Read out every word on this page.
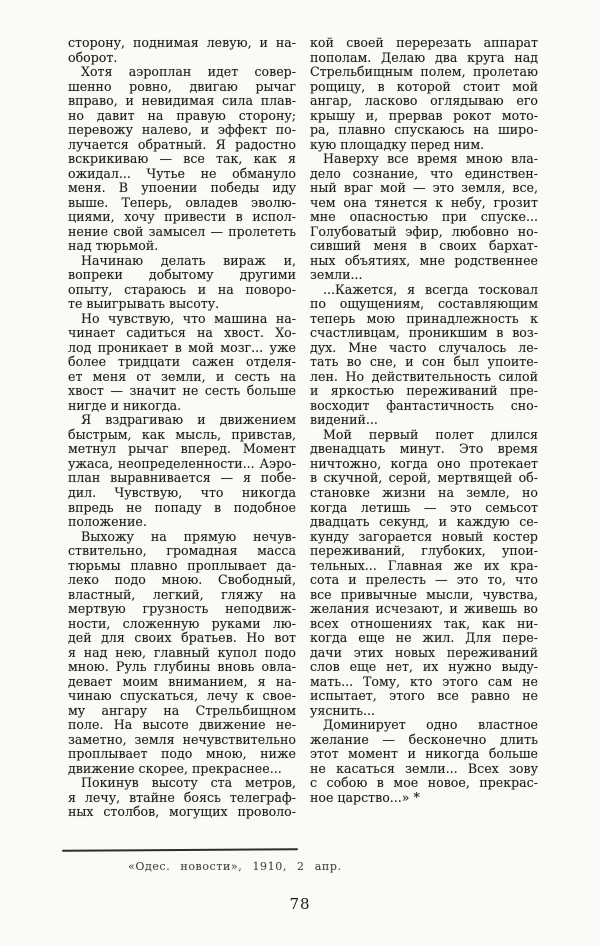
сторону, поднимая левую, и на-
оборот.
Хотя аэроплан идет совер-
шенно ровно, двигаю рычаг
вправо, и невидимая сила плав-
но давит на правую сторону;
перевожу налево, и эффект по-
лучается обратный. Я радостно
вскрикиваю — все так, как я
ожидал... Чутье не обмануло
меня. В упоении победы иду
выше. Теперь, овладев эволю-
циями, хочу привести в испол-
нение свой замысел — пролететь
над тюрьмой.
Начинаю делать вираж и,
вопреки добытому другими
опыту, стараюсь и на поворо-
те выигрывать высоту.
Но чувствую, что машина на-
чинает садиться на хвост. Хо-
лод проникает в мой мозг... уже
более тридцати сажен отделя-
ет меня от земли, и сесть на
хвост — значит не сесть больше
нигде и никогда.
Я вздрагиваю и движением
быстрым, как мысль, привстав,
метнул рычаг вперед. Момент
ужаса, неопределенности... Аэро-
план выравнивается — я побе-
дил. Чувствую, что никогда
впредь не попаду в подобное
положение.
Выхожу на прямую нечув-
ствительно, громадная масса
тюрьмы плавно проплывает да-
леко подо мною. Свободный,
властный, легкий, гляжу на
мертвую грузность неподвиж-
ности, сложенную руками лю-
дей для своих братьев. Но вот
я над нею, главный купол подо
мною. Руль глубины вновь овла-
девает моим вниманием, я на-
чинаю спускаться, лечу к свое-
му ангару на Стрельбищном
поле. На высоте движение не-
заметно, земля нечувствительно
проплывает подо мною, ниже
движение скорее, прекраснее...
Покинув высоту ста метров,
я лечу, втайне боясь телеграф-
ных столбов, могущих проволо-
кой своей перерезать аппарат
пополам. Делаю два круга над
Стрельбищным полем, пролетаю
рощицу, в которой стоит мой
ангар, ласково оглядываю его
крышу и, прервав рокот мото-
ра, плавно спускаюсь на широ-
кую площадку перед ним.
Наверху все время мною вла-
дело сознание, что единствен-
ный враг мой — это земля, все,
чем она тянется к небу, грозит
мне опасностью при спуске...
Голубоватый эфир, любовно но-
сивший меня в своих бархат-
ных объятиях, мне родственнее
земли...
...Кажется, я всегда тосковал
по ощущениям, составляющим
теперь мою принадлежность к
счастливцам, проникшим в воз-
дух. Мне часто случалось ле-
тать во сне, и сон был упоите-
лен. Но действительность силой
и яркостью переживаний пре-
восходит фантастичность сно-
видений...
Мой первый полет длился
двенадцать минут. Это время
ничтожно, когда оно протекает
в скучной, серой, мертвящей об-
становке жизни на земле, но
когда летишь — это семьсот
двадцать секунд, и каждую се-
кунду загорается новый костер
переживаний, глубоких, упои-
тельных... Главная же их кра-
сота и прелесть — это то, что
все привычные мысли, чувства,
желания исчезают, и живешь во
всех отношениях так, как ни-
когда еще не жил. Для пере-
дачи этих новых переживаний
слов еще нет, их нужно выду-
мать... Тому, кто этого сам не
испытает, этого все равно не
уяснить...
Доминирует одно властное
желание — бесконечно длить
этот момент и никогда больше
не касаться земли... Всех зову
с собою в мое новое, прекрас-
ное царство...» *
«Одес. новости», 1910, 2 апр.
78
